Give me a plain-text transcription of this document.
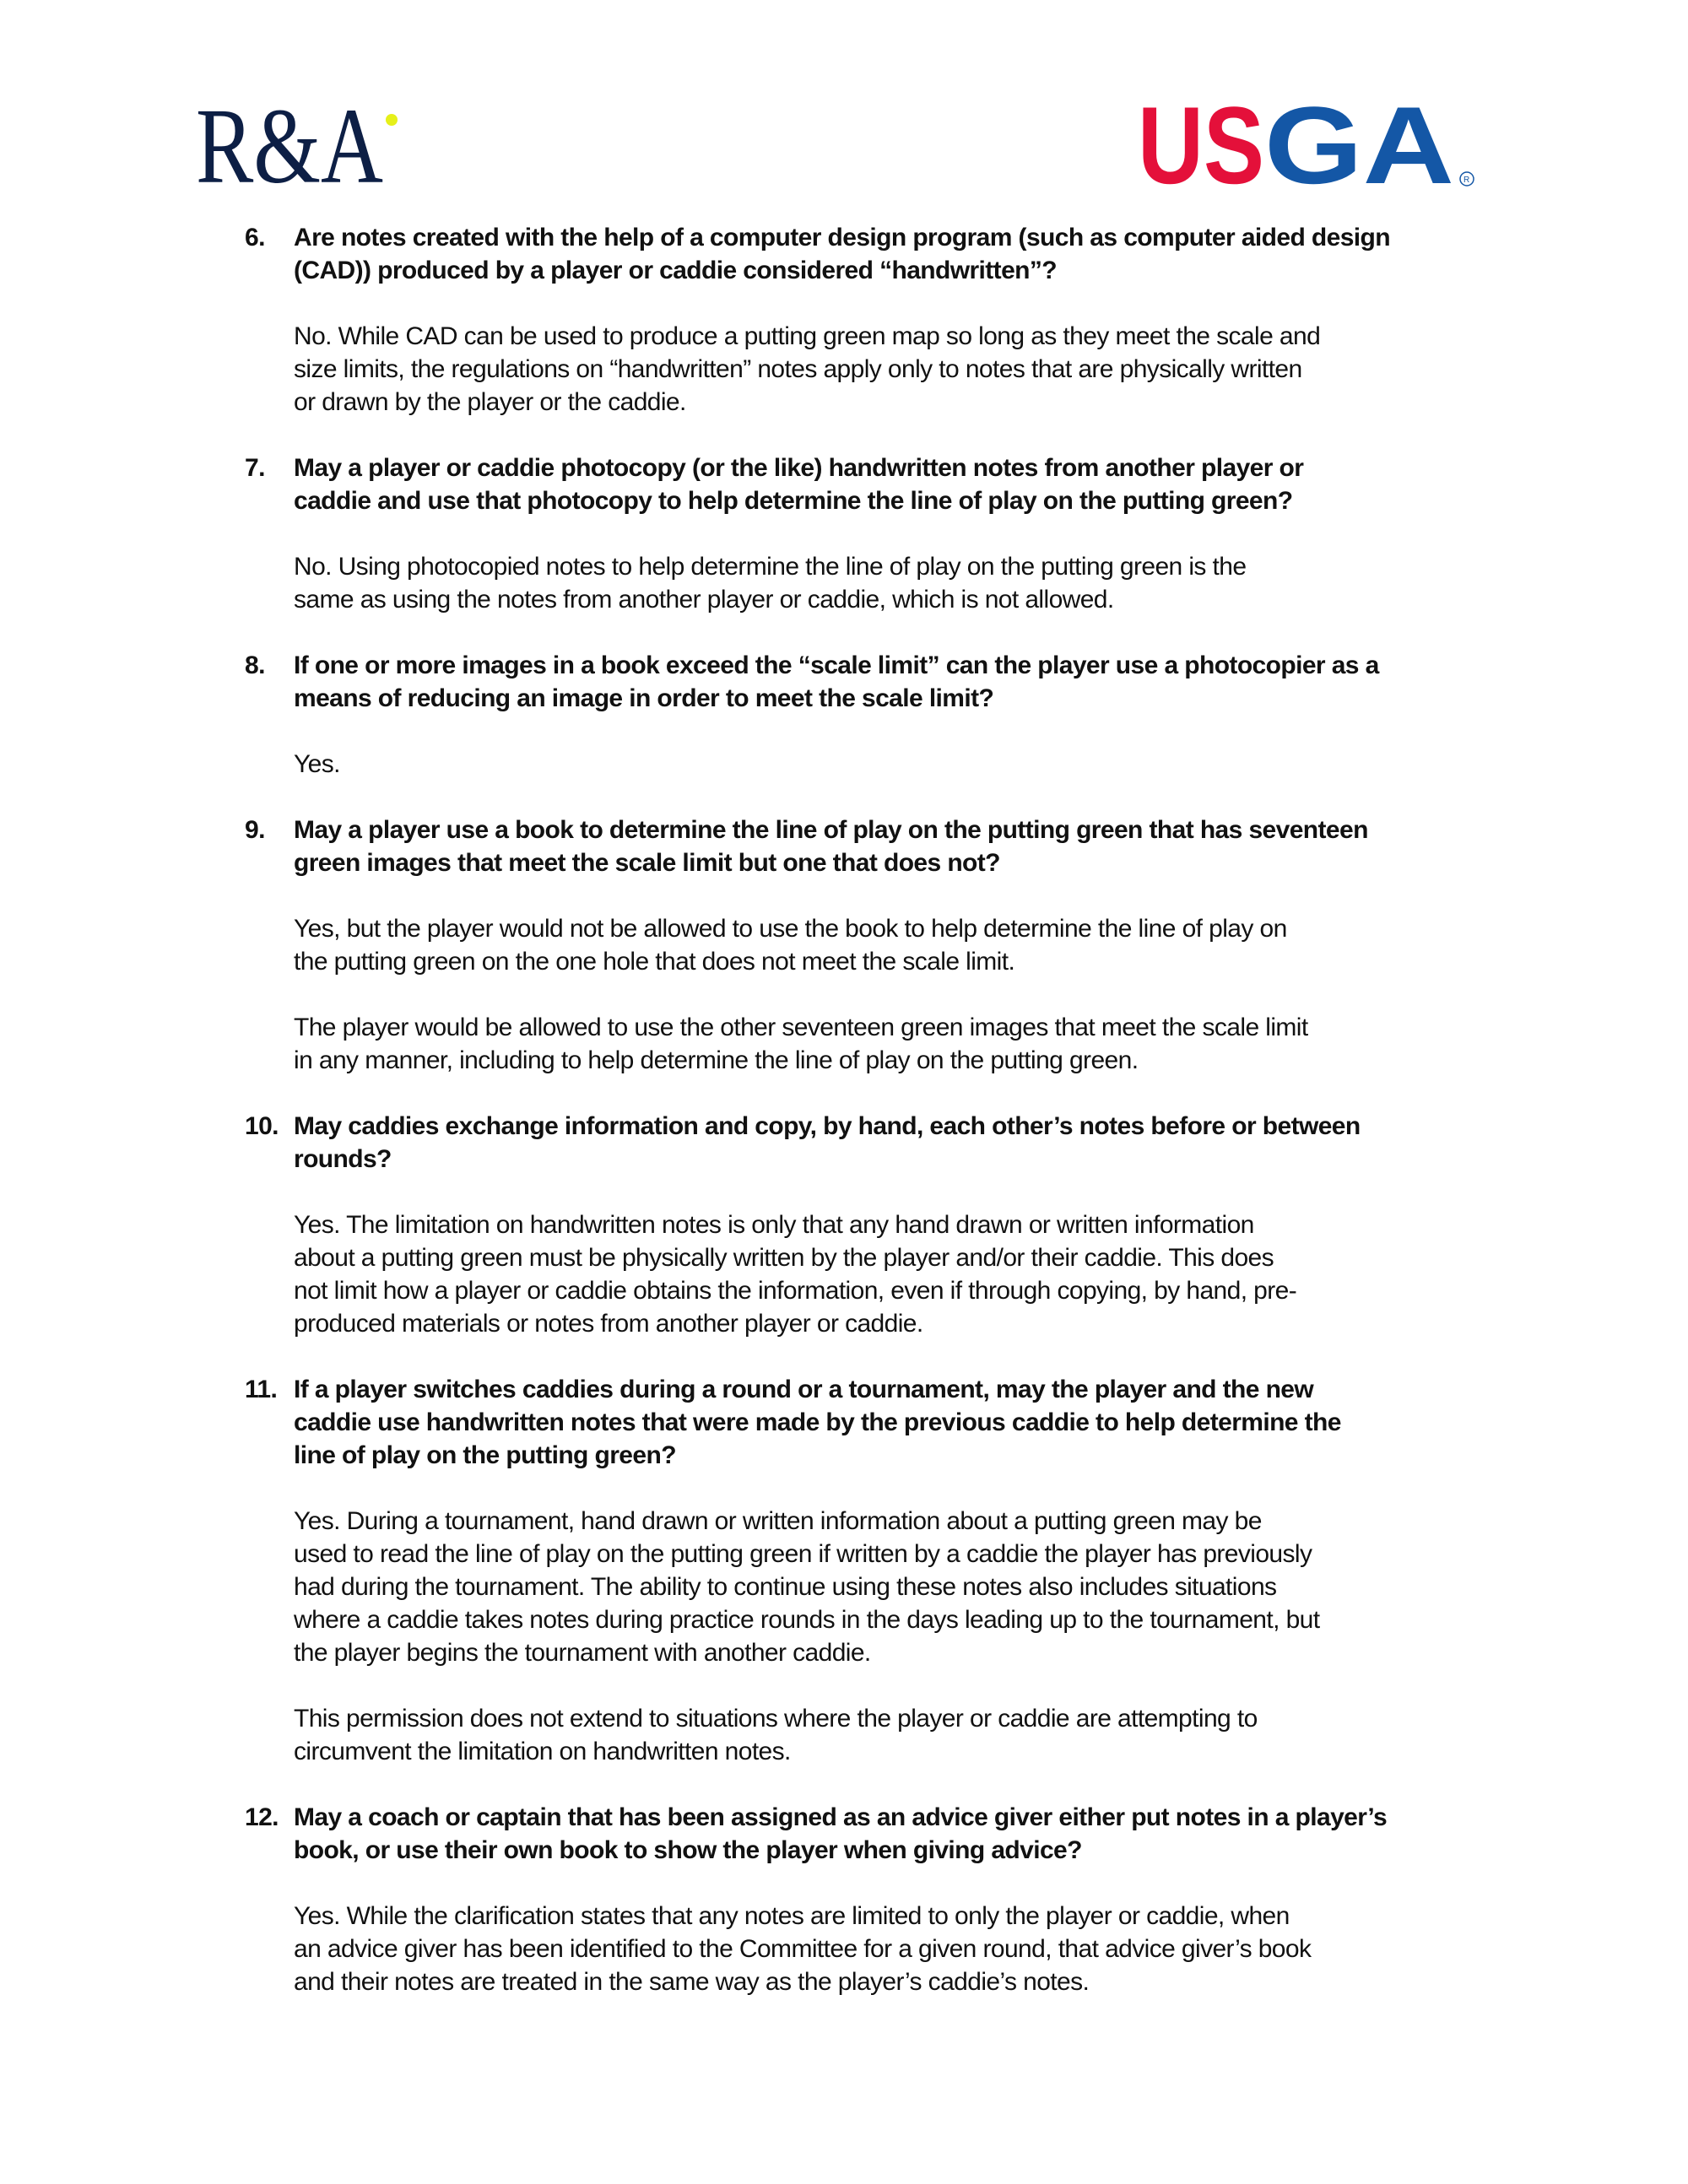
R&A	US GA R
6.	Are notes created with the help of a computer design program (such as computer aided design
(CAD)) produced by a player or caddie considered “handwritten”?
No. While CAD can be used to produce a putting green map so long as they meet the scale and
size limits, the regulations on “handwritten” notes apply only to notes that are physically written
or drawn by the player or the caddie.
7.	May a player or caddie photocopy (or the like) handwritten notes from another player or
caddie and use that photocopy to help determine the line of play on the putting green?
No. Using photocopied notes to help determine the line of play on the putting green is the
same as using the notes from another player or caddie, which is not allowed.
8.	If one or more images in a book exceed the “scale limit” can the player use a photocopier as a
means of reducing an image in order to meet the scale limit?
Yes.
9.	May a player use a book to determine the line of play on the putting green that has seventeen
green images that meet the scale limit but one that does not?
Yes, but the player would not be allowed to use the book to help determine the line of play on
the putting green on the one hole that does not meet the scale limit.
The player would be allowed to use the other seventeen green images that meet the scale limit
in any manner, including to help determine the line of play on the putting green.
10. May caddies exchange information and copy, by hand, each other’s notes before or between
rounds?
Yes. The limitation on handwritten notes is only that any hand drawn or written information
about a putting green must be physically written by the player and/or their caddie. This does
not limit how a player or caddie obtains the information, even if through copying, by hand, pre-
produced materials or notes from another player or caddie.
11. If a player switches caddies during a round or a tournament, may the player and the new
caddie use handwritten notes that were made by the previous caddie to help determine the
line of play on the putting green?
Yes. During a tournament, hand drawn or written information about a putting green may be
used to read the line of play on the putting green if written by a caddie the player has previously
had during the tournament. The ability to continue using these notes also includes situations
where a caddie takes notes during practice rounds in the days leading up to the tournament, but
the player begins the tournament with another caddie.
This permission does not extend to situations where the player or caddie are attempting to
circumvent the limitation on handwritten notes.
12. May a coach or captain that has been assigned as an advice giver either put notes in a player’s
book, or use their own book to show the player when giving advice?
Yes. While the clarification states that any notes are limited to only the player or caddie, when
an advice giver has been identified to the Committee for a given round, that advice giver’s book
and their notes are treated in the same way as the player’s caddie’s notes.
